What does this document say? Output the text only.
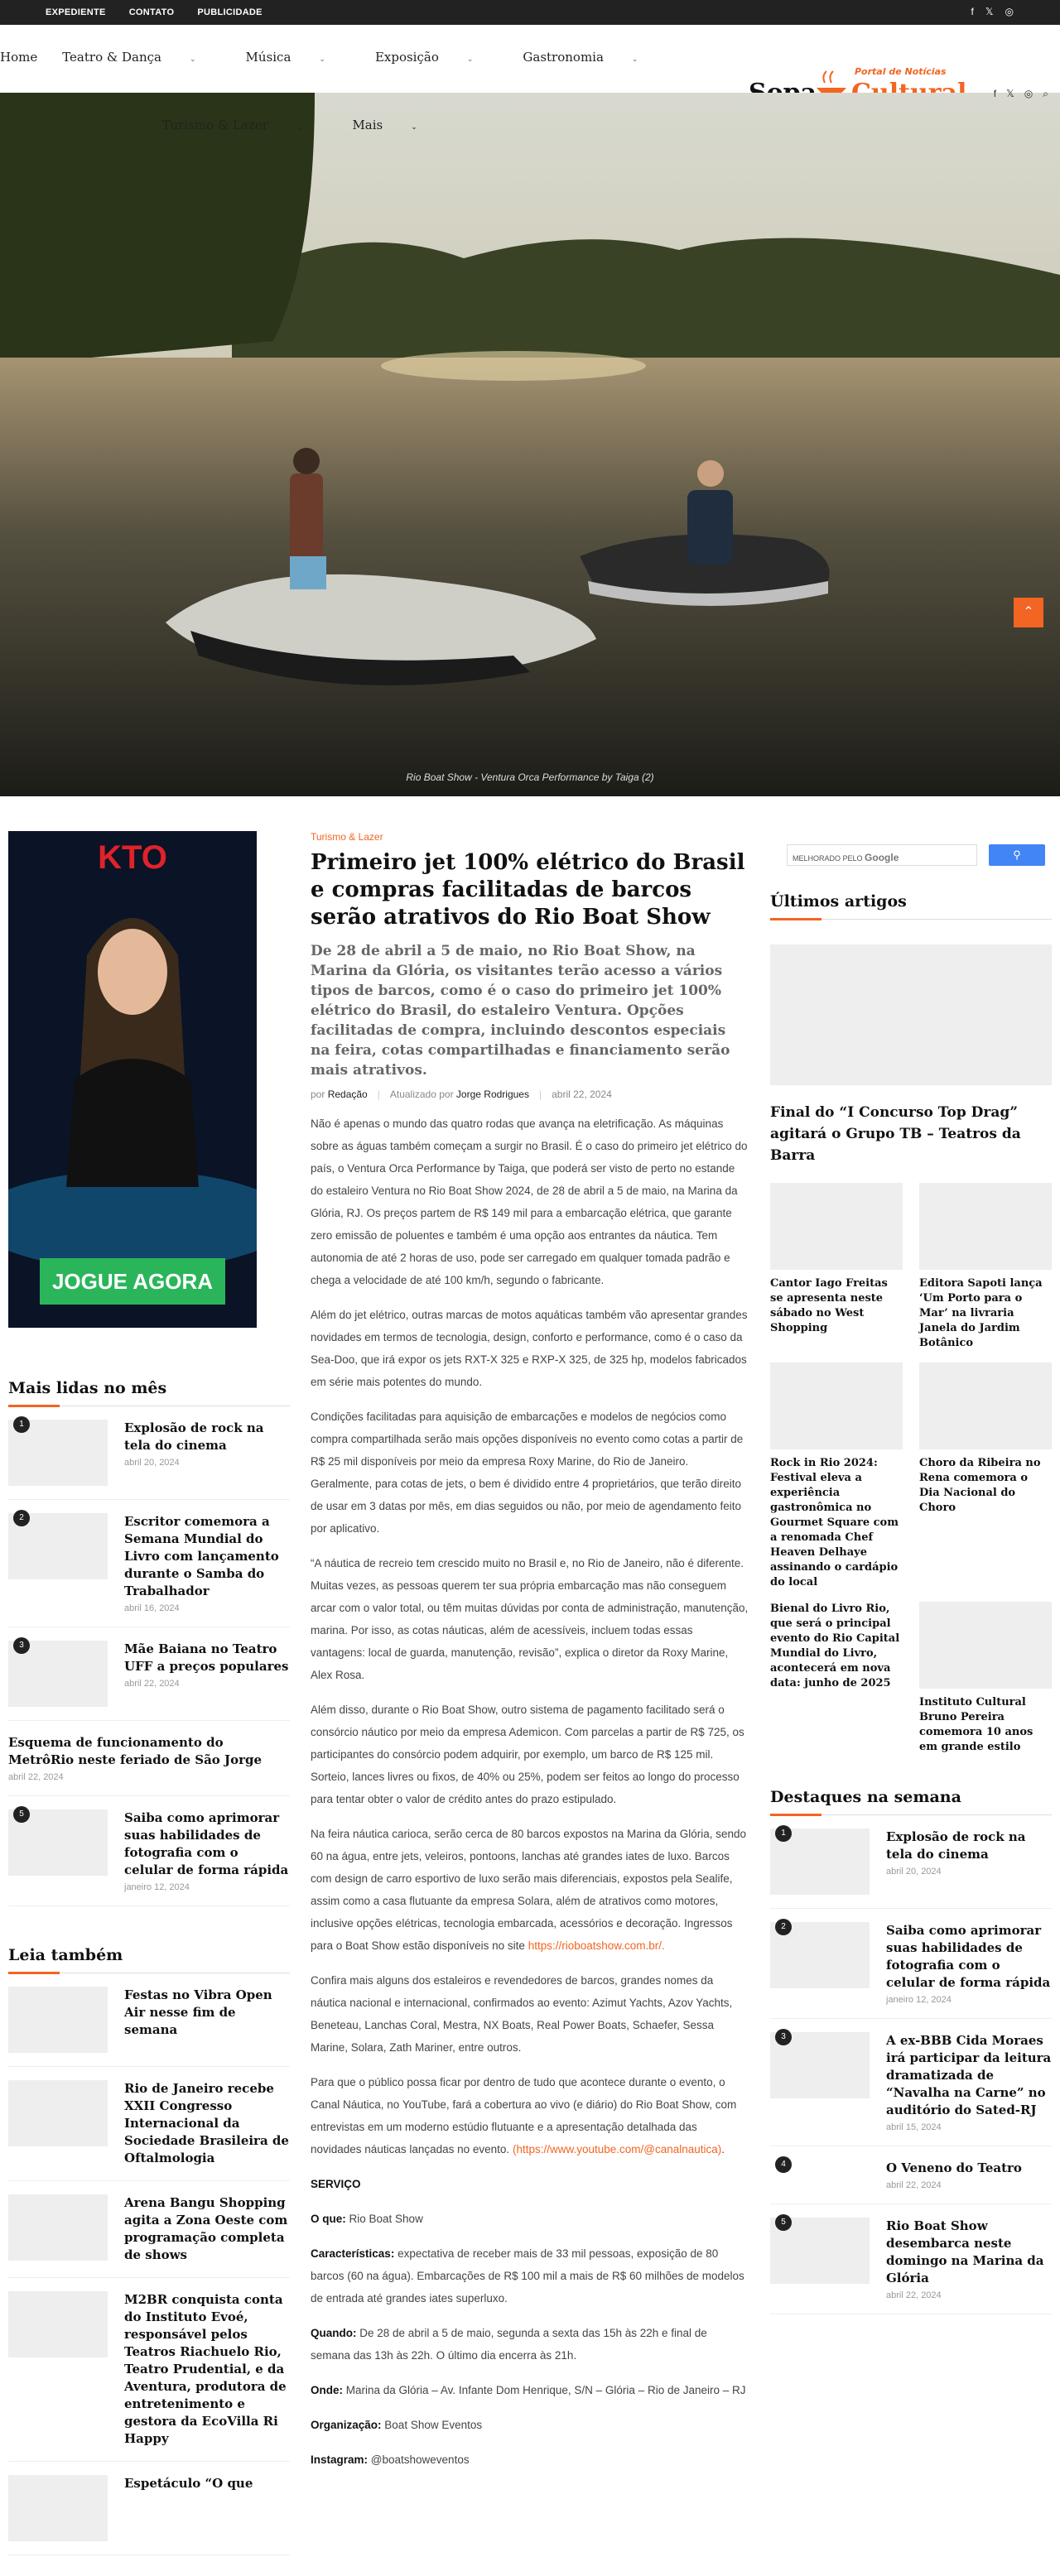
EXPEDIENTE	CONTATO	PUBLICIDADE	f 𝕏 ◎
Home Teatro & Dança	⌄	Música	⌄	Exposição	⌄	Gastronomia	⌄
Portal de Notícias
Turismo & Lazer	⌄	Mais	⌄
f 𝕏 ◎ ⌕
Rio Boat Show - Ventura Orca Performance by Taiga (2)
⌃
KTO
JOGUE AGORA
Mais lidas no mês
1	Explosão de rock na tela do cinema
abril 20, 2024
2	Escritor comemora a Semana Mundial do Livro com lançamento durante o Samba do Trabalhador
abril 16, 2024
3	Mãe Baiana no Teatro UFF a preços populares
abril 22, 2024
Esquema de funcionamento do MetrôRio neste feriado de São Jorge
abril 22, 2024
5	Saiba como aprimorar suas habilidades de fotografia com o celular de forma rápida
janeiro 12, 2024
Leia também
Festas no Vibra Open Air nesse fim de semana
Rio de Janeiro recebe XXII Congresso Internacional da Sociedade Brasileira de Oftalmologia
Arena Bangu Shopping agita a Zona Oeste com programação completa de shows
M2BR conquista conta do Instituto Evoé, responsável pelos Teatros Riachuelo Rio, Teatro Prudential, e da Aventura, produtora de entretenimento e gestora da EcoVilla Ri Happy
Espetáculo “O que
Turismo & Lazer
Primeiro jet 100% elétrico do Brasil e compras facilitadas de barcos serão atrativos do Rio Boat Show
De 28 de abril a 5 de maio, no Rio Boat Show, na Marina da Glória, os visitantes terão acesso a vários tipos de barcos, como é o caso do primeiro jet 100% elétrico do Brasil, do estaleiro Ventura. Opções facilitadas de compra, incluindo descontos especiais na feira, cotas compartilhadas e financiamento serão mais atrativos.
por Redação | Atualizado por Jorge Rodrigues | abril 22, 2024

Não é apenas o mundo das quatro rodas que avança na eletrificação. As máquinas sobre as águas também começam a surgir no Brasil. É o caso do primeiro jet elétrico do país, o Ventura Orca Performance by Taiga, que poderá ser visto de perto no estande do estaleiro Ventura no Rio Boat Show 2024, de 28 de abril a 5 de maio, na Marina da Glória, RJ. Os preços partem de R$ 149 mil para a embarcação elétrica, que garante zero emissão de poluentes e também é uma opção aos entrantes da náutica. Tem autonomia de até 2 horas de uso, pode ser carregado em qualquer tomada padrão e chega a velocidade de até 100 km/h, segundo o fabricante.

Além do jet elétrico, outras marcas de motos aquáticas também vão apresentar grandes novidades em termos de tecnologia, design, conforto e performance, como é o caso da Sea-Doo, que irá expor os jets RXT-X 325 e RXP-X 325, de 325 hp, modelos fabricados em série mais potentes do mundo.

Condições facilitadas para aquisição de embarcações e modelos de negócios como compra compartilhada serão mais opções disponíveis no evento como cotas a partir de R$ 25 mil disponíveis por meio da empresa Roxy Marine, do Rio de Janeiro. Geralmente, para cotas de jets, o bem é dividido entre 4 proprietários, que terão direito de usar em 3 datas por mês, em dias seguidos ou não, por meio de agendamento feito por aplicativo.

“A náutica de recreio tem crescido muito no Brasil e, no Rio de Janeiro, não é diferente. Muitas vezes, as pessoas querem ter sua própria embarcação mas não conseguem arcar com o valor total, ou têm muitas dúvidas por conta de administração, manutenção, marina. Por isso, as cotas náuticas, além de acessíveis, incluem todas essas vantagens: local de guarda, manutenção, revisão”, explica o diretor da Roxy Marine, Alex Rosa.

Além disso, durante o Rio Boat Show, outro sistema de pagamento facilitado será o consórcio náutico por meio da empresa Ademicon. Com parcelas a partir de R$ 725, os participantes do consórcio podem adquirir, por exemplo, um barco de R$ 125 mil. Sorteio, lances livres ou fixos, de 40% ou 25%, podem ser feitos ao longo do processo para tentar obter o valor de crédito antes do prazo estipulado.

Na feira náutica carioca, serão cerca de 80 barcos expostos na Marina da Glória, sendo 60 na água, entre jets, veleiros, pontoons, lanchas até grandes iates de luxo. Barcos com design de carro esportivo de luxo serão mais diferenciais, expostos pela Sealife, assim como a casa flutuante da empresa Solara, além de atrativos como motores, inclusive opções elétricas, tecnologia embarcada, acessórios e decoração. Ingressos para o Boat Show estão disponíveis no site https://rioboatshow.com.br/.

Confira mais alguns dos estaleiros e revendedores de barcos, grandes nomes da náutica nacional e internacional, confirmados ao evento: Azimut Yachts, Azov Yachts, Beneteau, Lanchas Coral, Mestra, NX Boats, Real Power Boats, Schaefer, Sessa Marine, Solara, Zath Mariner, entre outros.

Para que o público possa ficar por dentro de tudo que acontece durante o evento, o Canal Náutica, no YouTube, fará a cobertura ao vivo (e diário) do Rio Boat Show, com entrevistas em um moderno estúdio flutuante e a apresentação detalhada das novidades náuticas lançadas no evento. (https://www.youtube.com/@canalnautica).

SERVIÇO

O que: Rio Boat Show

Características: expectativa de receber mais de 33 mil pessoas, exposição de 80 barcos (60 na água). Embarcações de R$ 100 mil a mais de R$ 60 milhões de modelos de entrada até grandes iates superluxo.

Quando: De 28 de abril a 5 de maio, segunda a sexta das 15h às 22h e final de semana das 13h às 22h. O último dia encerra às 21h.

Onde: Marina da Glória – Av. Infante Dom Henrique, S/N – Glória – Rio de Janeiro – RJ

Organização: Boat Show Eventos

Instagram: @boatshoweventos

MELHORADO PELO Google	⚲
Últimos artigos
Final do “I Concurso Top Drag” agitará o Grupo TB – Teatros da Barra
Cantor Iago Freitas se apresenta neste sábado no West Shopping
Editora Sapoti lança ‘Um Porto para o Mar’ na livraria Janela do Jardim Botânico
Rock in Rio 2024: Festival eleva a experiência gastronômica no Gourmet Square com a renomada Chef Heaven Delhaye assinando o cardápio do local
Choro da Ribeira no Rena comemora o Dia Nacional do Choro
Bienal do Livro Rio, que será o principal evento do Rio Capital Mundial do Livro, acontecerá em nova data: junho de 2025
Instituto Cultural Bruno Pereira comemora 10 anos em grande estilo
Destaques na semana
1	Explosão de rock na tela do cinema
abril 20, 2024
2	Saiba como aprimorar suas habilidades de fotografia com o celular de forma rápida
janeiro 12, 2024
3	A ex-BBB Cida Moraes irá participar da leitura dramatizada de “Navalha na Carne” no auditório do Sated-RJ
abril 15, 2024
4	O Veneno do Teatro
abril 22, 2024
5	Rio Boat Show desembarca neste domingo na Marina da Glória
abril 22, 2024
